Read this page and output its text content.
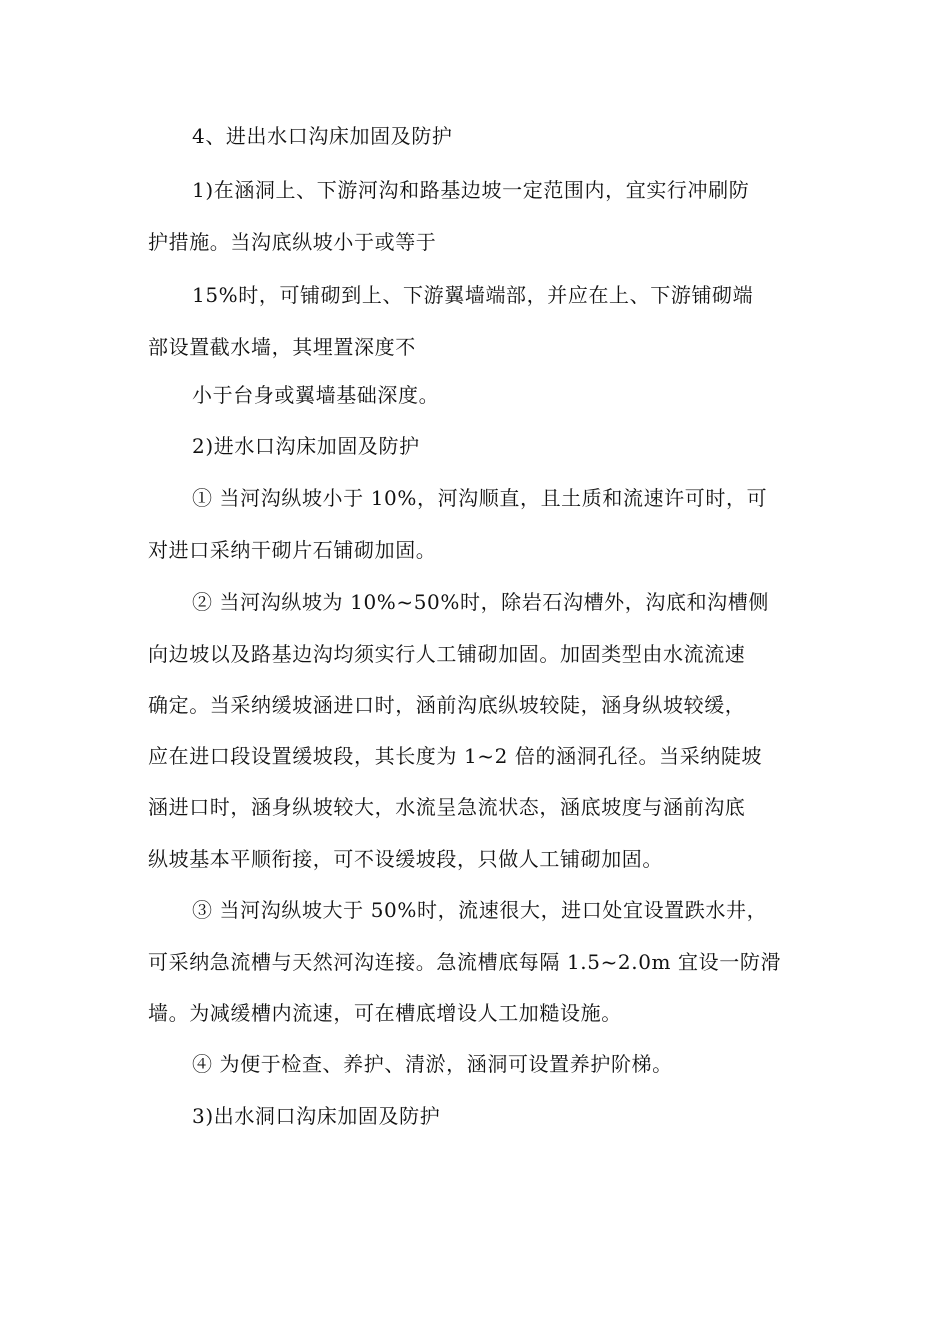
4、进出水口沟床加固及防护
1)在涵洞上、下游河沟和路基边坡一定范围内，宜实行冲刷防
护措施。当沟底纵坡小于或等于
15%时，可铺砌到上、下游翼墙端部，并应在上、下游铺砌端
部设置截水墙，其埋置深度不
小于台身或翼墙基础深度。
2)进水口沟床加固及防护
① 当河沟纵坡小于 10%，河沟顺直，且土质和流速许可时，可
对进口采纳干砌片石铺砌加固。
② 当河沟纵坡为 10%~50%时，除岩石沟槽外，沟底和沟槽侧
向边坡以及路基边沟均须实行人工铺砌加固。加固类型由水流流速
确定。当采纳缓坡涵进口时，涵前沟底纵坡较陡，涵身纵坡较缓，
应在进口段设置缓坡段，其长度为 1~2 倍的涵洞孔径。当采纳陡坡
涵进口时，涵身纵坡较大，水流呈急流状态，涵底坡度与涵前沟底
纵坡基本平顺衔接，可不设缓坡段，只做人工铺砌加固。
③ 当河沟纵坡大于 50%时，流速很大，进口处宜设置跌水井，
可采纳急流槽与天然河沟连接。急流槽底每隔 1.5~2.0m 宜设一防滑
墙。为减缓槽内流速，可在槽底增设人工加糙设施。
④ 为便于检查、养护、清淤，涵洞可设置养护阶梯。
3)出水洞口沟床加固及防护
